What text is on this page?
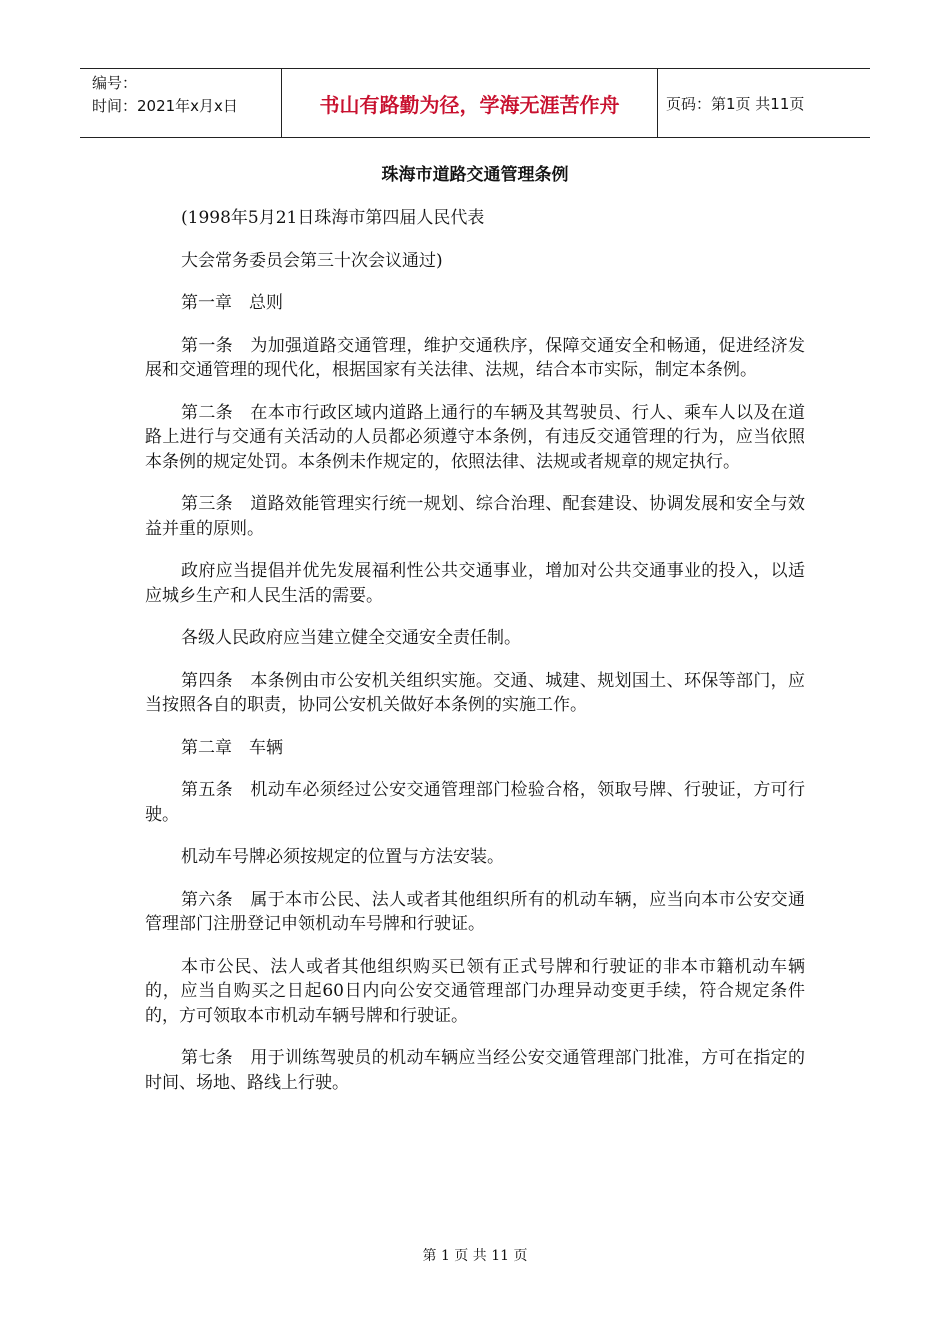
编号：
时间：2021年x月x日	书山有路勤为径，学海无涯苦作舟	页码：第1页 共11页
珠海市道路交通管理条例

(1998年5月21日珠海市第四届人民代表

大会常务委员会第三十次会议通过)

第一章　总则

第一条　为加强道路交通管理，维护交通秩序，保障交通安全和畅通，促进经济发展和交通管理的现代化，根据国家有关法律、法规，结合本市实际，制定本条例。

第二条　在本市行政区域内道路上通行的车辆及其驾驶员、行人、乘车人以及在道路上进行与交通有关活动的人员都必须遵守本条例，有违反交通管理的行为，应当依照本条例的规定处罚。本条例未作规定的，依照法律、法规或者规章的规定执行。

第三条　道路效能管理实行统一规划、综合治理、配套建设、协调发展和安全与效益并重的原则。

政府应当提倡并优先发展福利性公共交通事业，增加对公共交通事业的投入，以适应城乡生产和人民生活的需要。

各级人民政府应当建立健全交通安全责任制。

第四条　本条例由市公安机关组织实施。交通、城建、规划国土、环保等部门，应当按照各自的职责，协同公安机关做好本条例的实施工作。

第二章　车辆

第五条　机动车必须经过公安交通管理部门检验合格，领取号牌、行驶证，方可行驶。

机动车号牌必须按规定的位置与方法安装。

第六条　属于本市公民、法人或者其他组织所有的机动车辆，应当向本市公安交通管理部门注册登记申领机动车号牌和行驶证。

本市公民、法人或者其他组织购买已领有正式号牌和行驶证的非本市籍机动车辆的，应当自购买之日起60日内向公安交通管理部门办理异动变更手续，符合规定条件的，方可领取本市机动车辆号牌和行驶证。

第七条　用于训练驾驶员的机动车辆应当经公安交通管理部门批准，方可在指定的时间、场地、路线上行驶。

第 1 页 共 11 页
